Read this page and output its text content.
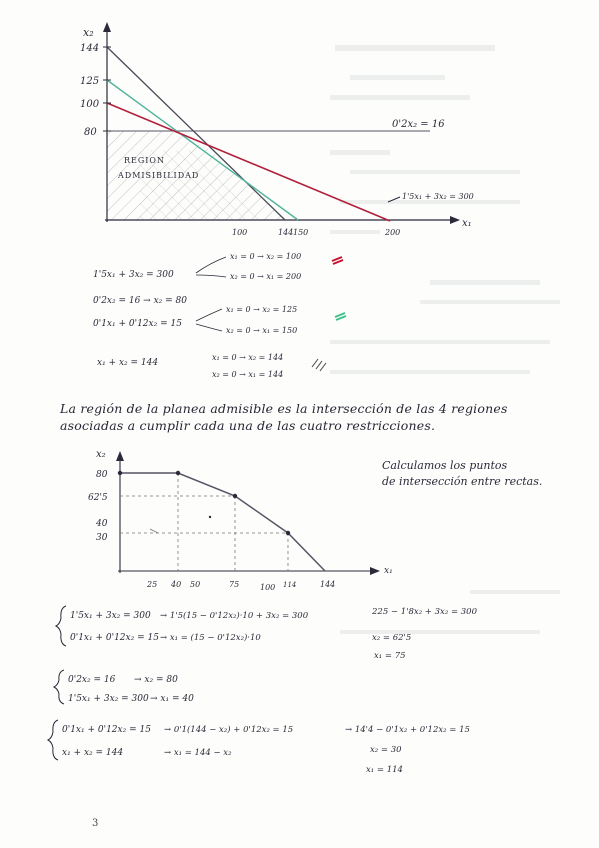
x₂
144
125
100
80
100	144 150	200
x₁
REGION
ADMISIBILIDAD
0'2x₂ = 16
1'5x₁ + 3x₂ = 300
1'5x₁ + 3x₂ = 300
x₁ = 0 → x₂ = 100
x₂ = 0 → x₁ = 200
0'2x₂ = 16 → x₂ = 80
0'1x₁ + 0'12x₂ = 15
x₁ = 0 → x₂ = 125
x₂ = 0 → x₁ = 150
x₁ + x₂ = 144
x₁ = 0 → x₂ = 144
x₂ = 0 → x₁ = 144
La región de la planea admisible es la intersección de las 4 regiones asociadas a cumplir cada una de las cuatro restricciones.
x₂
80
62'5
40
30
25 40 50	75	100 114	144
x₁
Calculamos los puntos
de intersección entre rectas.
1'5x₁ + 3x₂ = 300
0'1x₁ + 0'12x₂ = 15
→ 1'5(15 − 0'12x₂)·10 + 3x₂ = 300
→ x₁ = (15 − 0'12x₂)·10
225 − 1'8x₂ + 3x₂ = 300
x₂ = 62'5
x₁ = 75
0'2x₂ = 16
1'5x₁ + 3x₂ = 300
→ x₂ = 80
→ x₁ = 40
0'1x₁ + 0'12x₂ = 15
x₁ + x₂ = 144
→ 0'1(144 − x₂) + 0'12x₂ = 15
→ x₁ = 144 − x₂
→ 14'4 − 0'1x₂ + 0'12x₂ = 15
x₂ = 30
x₁ = 114
3
